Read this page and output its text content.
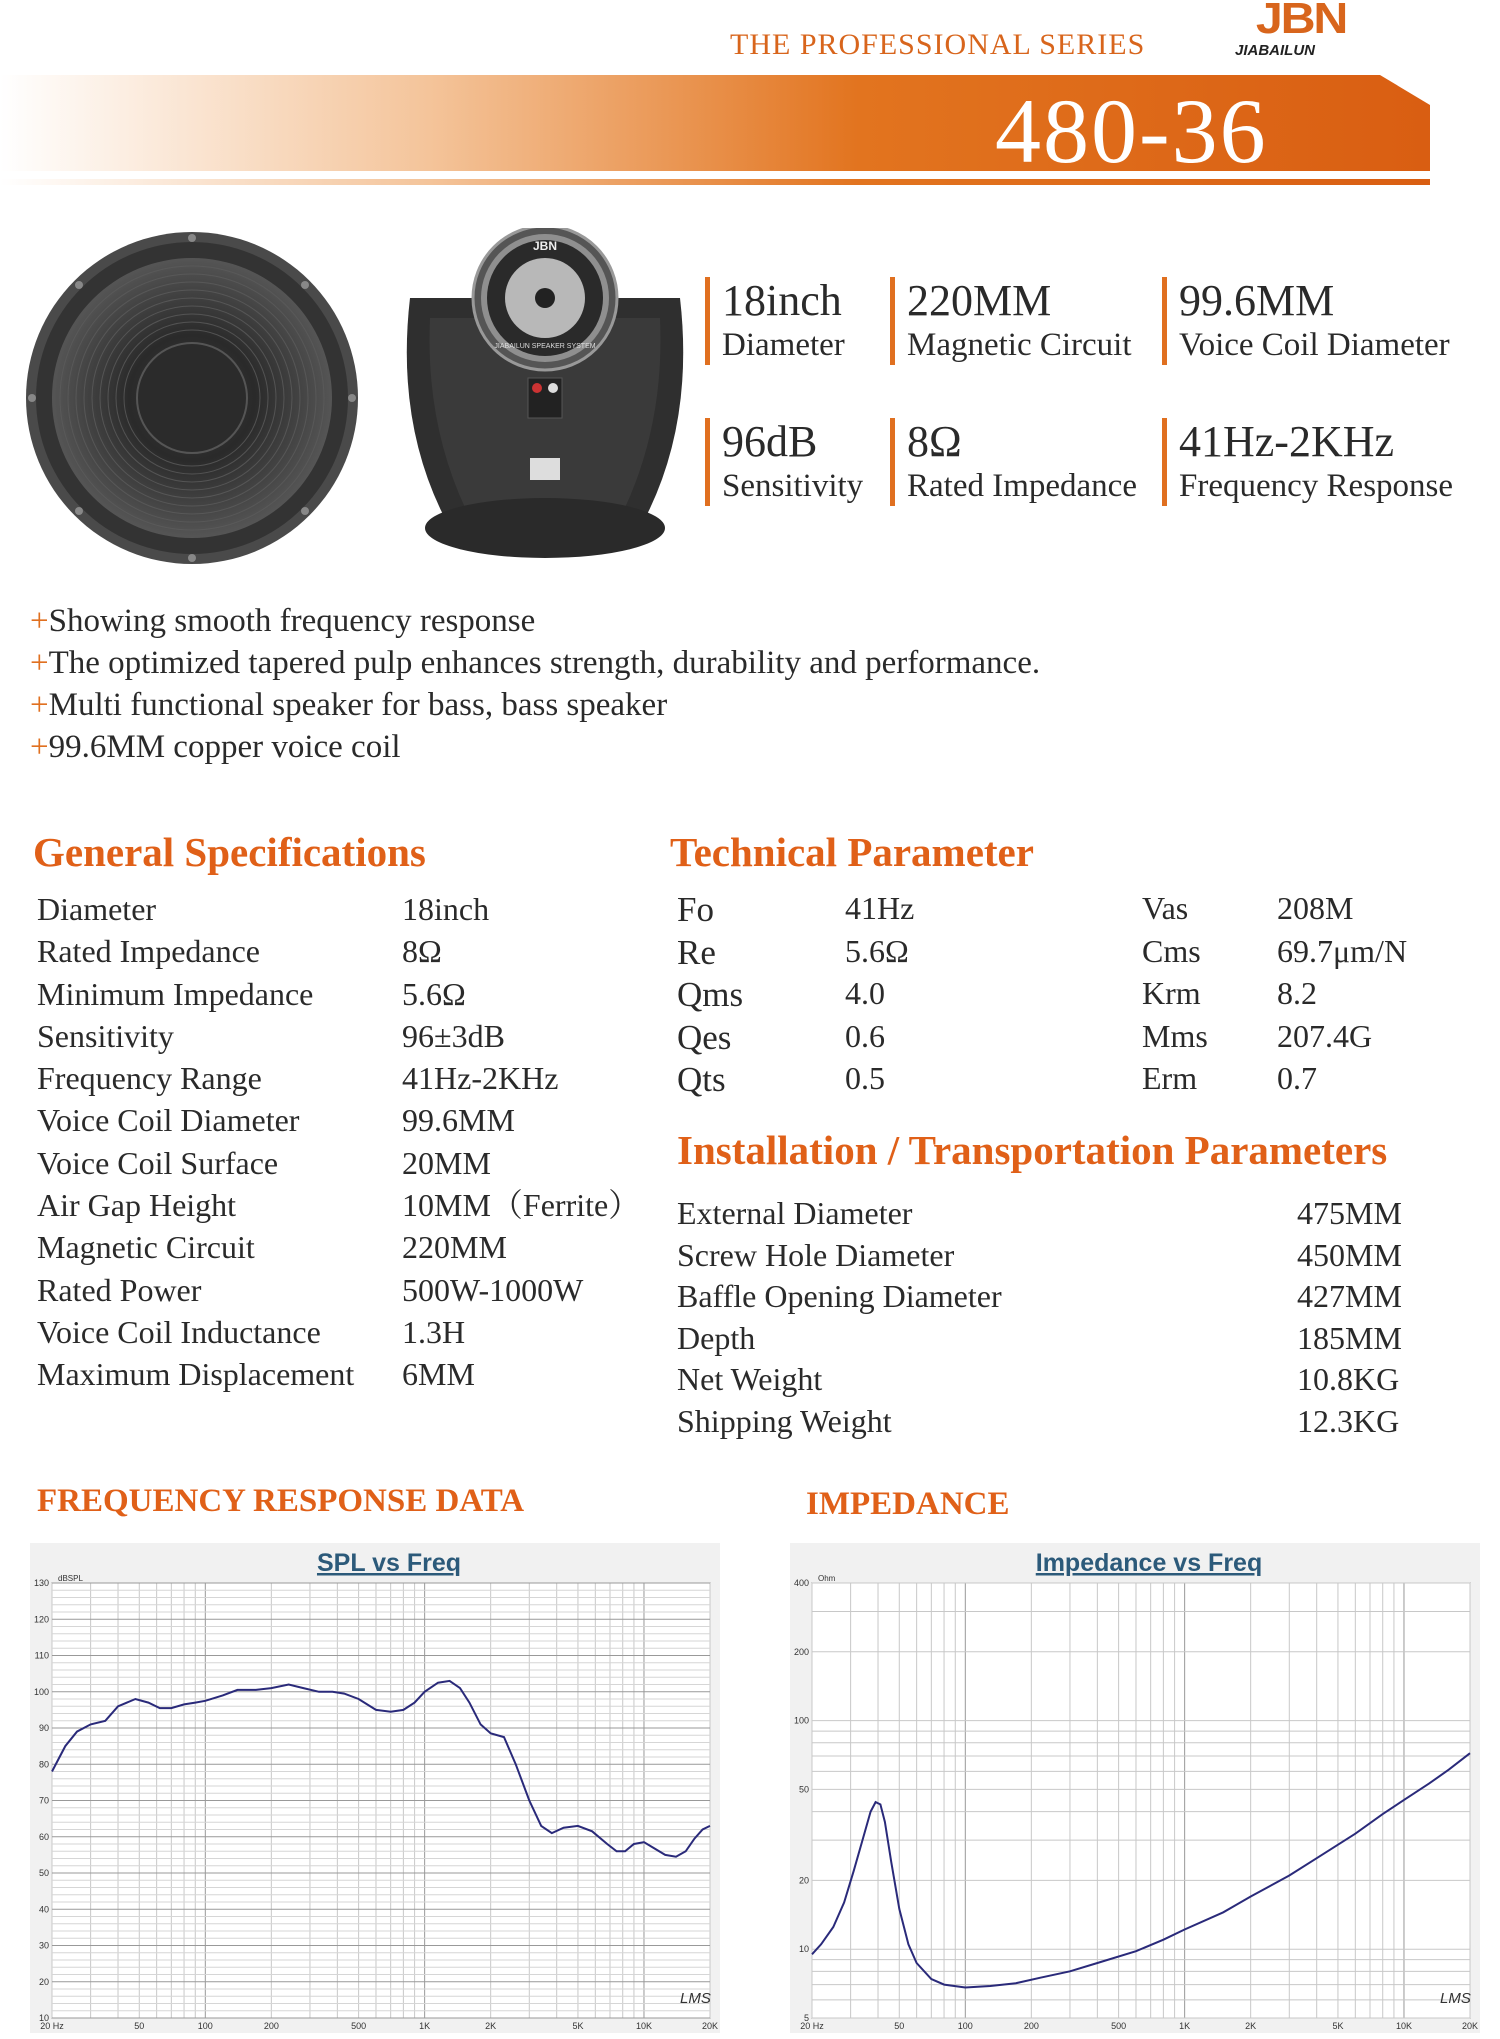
THE PROFESSIONAL SERIES
JBN
JIABAILUN
480-36
JBN
JIABAILUN SPEAKER SYSTEM
18inch
Diameter
220MM
Magnetic Circuit
99.6MM
Voice Coil Diameter
96dB
Sensitivity
8Ω
Rated Impedance
41Hz-2KHz
Frequency Response
+Showing smooth frequency response
+The optimized tapered pulp enhances strength, durability and performance.
+Multi functional speaker for bass, bass speaker
+99.6MM copper voice coil
General Specifications	Technical Parameter
Installation / Transportation Parameters
Diameter	18inch
Rated Impedance	8Ω
Minimum Impedance	5.6Ω
Sensitivity	96±3dB
Frequency Range	41Hz-2KHz
Voice Coil Diameter	99.6MM
Voice Coil Surface	20MM
Air Gap Height	10MM（Ferrite）
Magnetic Circuit	220MM
Rated Power	500W-1000W
Voice Coil Inductance	1.3H
Maximum Displacement 6MM
Fo	41Hz	Vas	208M
Re	5.6Ω	Cms 69.7μm/N
Qms	4.0	Krm 8.2
Qes	0.6	Mms 207.4G
Qts	0.5	Erm 0.7
External Diameter	475MM
Screw Hole Diameter	450MM
Baffle Opening Diameter	427MM
Depth	185MM
Net Weight	10.8KG
Shipping Weight	12.3KG
FREQUENCY RESPONSE DATA	IMPEDANCE
10
20
30
40
50
60
70
80
90
100
110
120
130
20 Hz	50	100	200	500	1K	2K	5K	10K	20K
dBSPL
SPL vs Freq
LMS
5
10
20
50
100
200
400
20 Hz	50	100	200	500	1K	2K	5K	10K	20K
Ohm
Impedance vs Freq
LMS
